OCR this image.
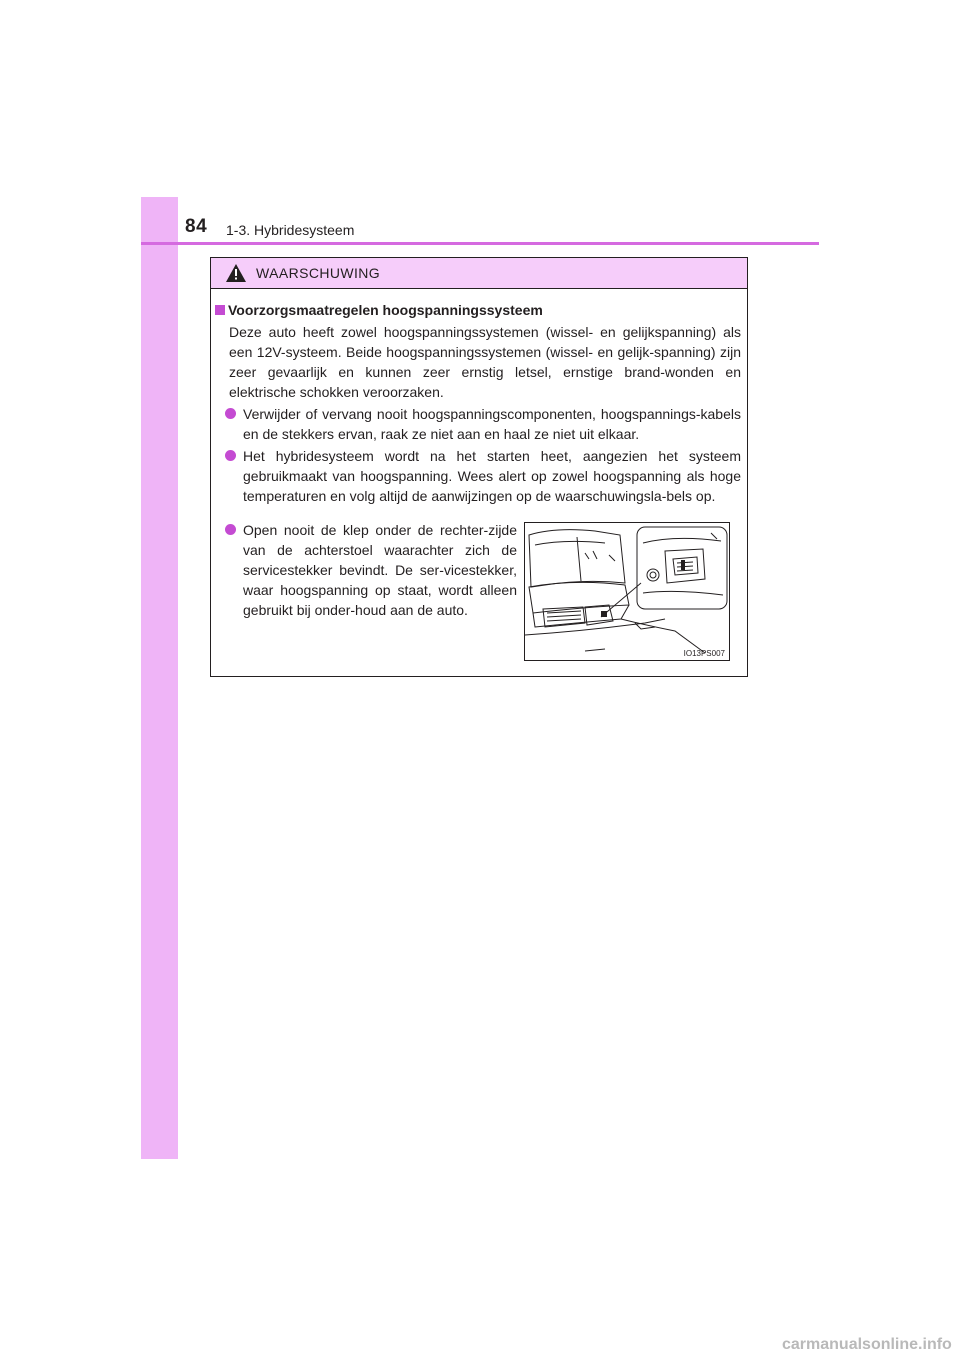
84 1-3. Hybridesysteem
WAARSCHUWING
Voorzorgsmaatregelen hoogspanningssysteem
Deze auto heeft zowel hoogspanningssystemen (wissel- en gelijkspanning) als een 12V-systeem. Beide hoogspanningssystemen (wissel- en gelijk-spanning) zijn zeer gevaarlijk en kunnen zeer ernstig letsel, ernstige brand-wonden en elektrische schokken veroorzaken.
Verwijder of vervang nooit hoogspanningscomponenten, hoogspannings-kabels en de stekkers ervan, raak ze niet aan en haal ze niet uit elkaar.
Het hybridesysteem wordt na het starten heet, aangezien het systeem gebruikmaakt van hoogspanning. Wees alert op zowel hoogspanning als hoge temperaturen en volg altijd de aanwijzingen op de waarschuwingsla-bels op.
Open nooit de klep onder de rechter-zijde van de achterstoel waarachter zich de servicestekker bevindt. De ser-vicestekker, waar hoogspanning op staat, wordt alleen gebruikt bij onder-houd aan de auto.
IO13PS007
carmanualsonline.info
